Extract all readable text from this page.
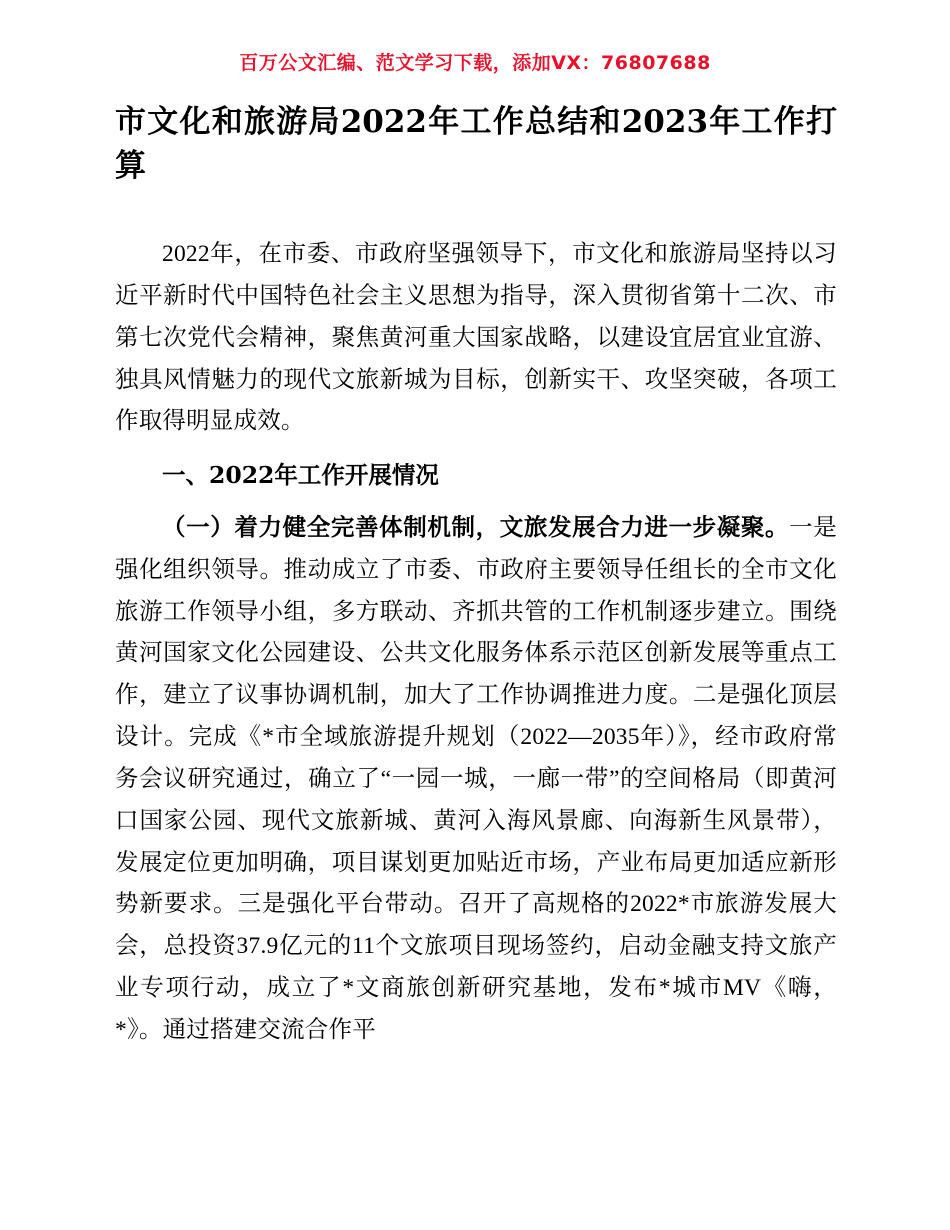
百万公文汇编、范文学习下载，添加VX：76807688
市文化和旅游局2022年工作总结和2023年工作打算

2022年，在市委、市政府坚强领导下，市文化和旅游局坚持以习近平新时代中国特色社会主义思想为指导，深入贯彻省第十二次、市第七次党代会精神，聚焦黄河重大国家战略，以建设宜居宜业宜游、独具风情魅力的现代文旅新城为目标，创新实干、攻坚突破，各项工作取得明显成效。

一、2022年工作开展情况

（一）着力健全完善体制机制，文旅发展合力进一步凝聚。一是强化组织领导。推动成立了市委、市政府主要领导任组长的全市文化旅游工作领导小组，多方联动、齐抓共管的工作机制逐步建立。围绕黄河国家文化公园建设、公共文化服务体系示范区创新发展等重点工作，建立了议事协调机制，加大了工作协调推进力度。二是强化顶层设计。完成《*市全域旅游提升规划（2022—2035年）》，经市政府常务会议研究通过，确立了“一园一城，一廊一带”的空间格局（即黄河口国家公园、现代文旅新城、黄河入海风景廊、向海新生风景带），发展定位更加明确，项目谋划更加贴近市场，产业布局更加适应新形势新要求。三是强化平台带动。召开了高规格的2022*市旅游发展大会，总投资37.9亿元的11个文旅项目现场签约，启动金融支持文旅产业专项行动，成立了*文商旅创新研究基地，发布*城市MV《嗨，*》。通过搭建交流合作平
